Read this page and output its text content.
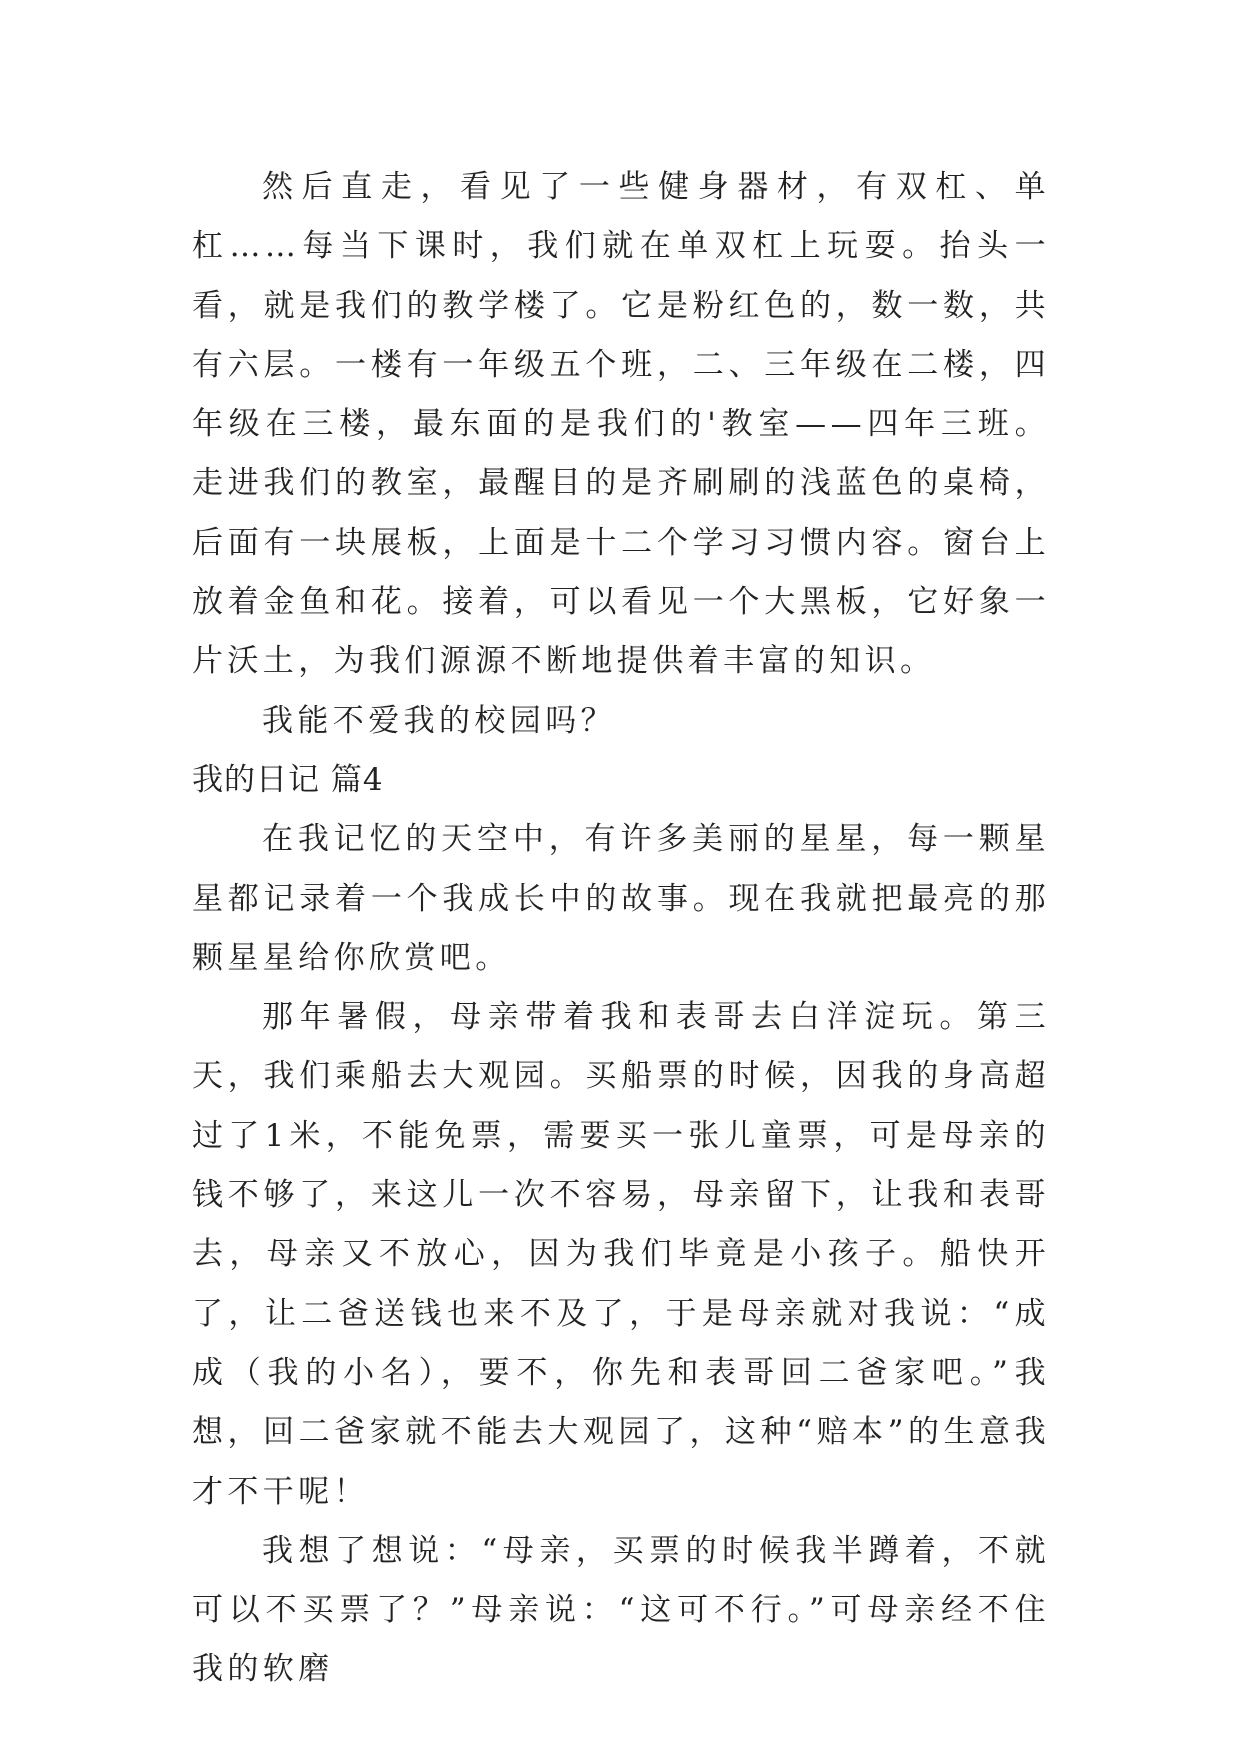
然后直走，看见了一些健身器材，有双杠、单杠……每当下课时，我们就在单双杠上玩耍。抬头一看，就是我们的教学楼了。它是粉红色的，数一数，共有六层。一楼有一年级五个班，二、三年级在二楼，四年级在三楼，最东面的是我们的'教室——四年三班。走进我们的教室，最醒目的是齐刷刷的浅蓝色的桌椅，后面有一块展板，上面是十二个学习习惯内容。窗台上放着金鱼和花。接着，可以看见一个大黑板，它好象一片沃土，为我们源源不断地提供着丰富的知识。

我能不爱我的校园吗？

我的日记 篇4

在我记忆的天空中，有许多美丽的星星，每一颗星星都记录着一个我成长中的故事。现在我就把最亮的那颗星星给你欣赏吧。

那年暑假，母亲带着我和表哥去白洋淀玩。第三天，我们乘船去大观园。买船票的时候，因我的身高超过了1米，不能免票，需要买一张儿童票，可是母亲的钱不够了，来这儿一次不容易，母亲留下，让我和表哥去，母亲又不放心，因为我们毕竟是小孩子。船快开了，让二爸送钱也来不及了，于是母亲就对我说：“成成（我的小名），要不，你先和表哥回二爸家吧。”我想，回二爸家就不能去大观园了，这种“赔本”的生意我才不干呢！

我想了想说：“母亲，买票的时候我半蹲着，不就可以不买票了？”母亲说：“这可不行。”可母亲经不住我的软磨
